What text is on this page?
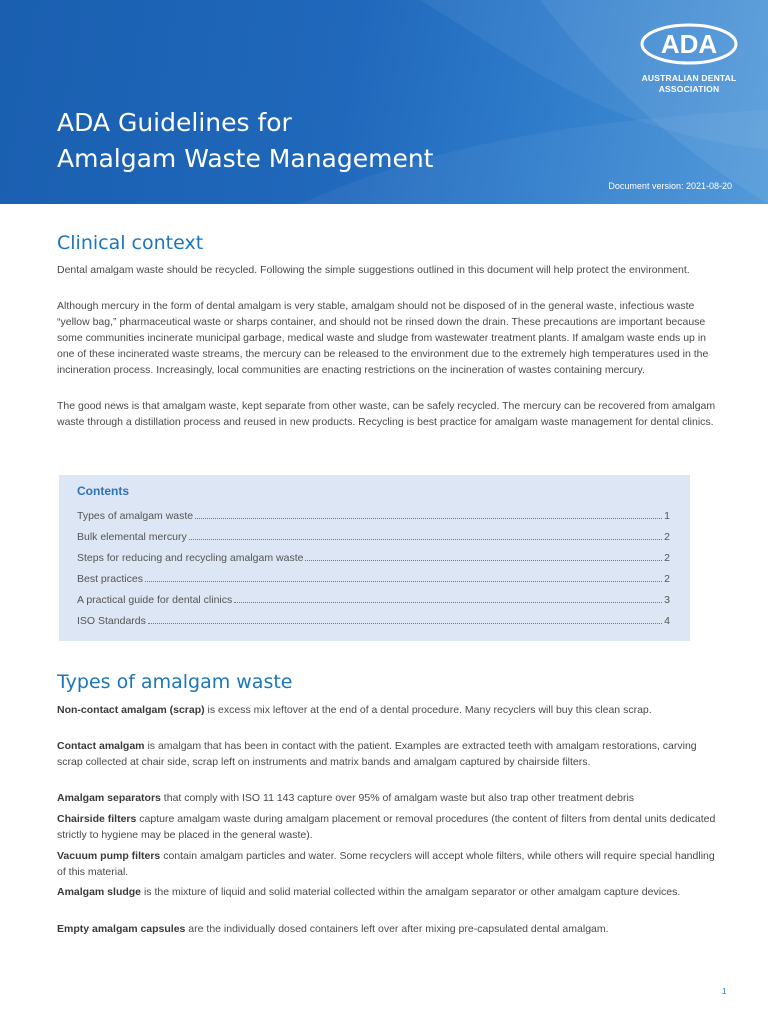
ADA
AUSTRALIAN DENTAL
ASSOCIATION
ADA Guidelines for
Amalgam Waste Management
Document version: 2021-08-20
Clinical context

Dental amalgam waste should be recycled. Following the simple suggestions outlined in this document will help protect the environment.

Although mercury in the form of dental amalgam is very stable, amalgam should not be disposed of in the general waste, infectious waste “yellow bag,” pharmaceutical waste or sharps container, and should not be rinsed down the drain. These precautions are important because some communities incinerate municipal garbage, medical waste and sludge from wastewater treatment plants. If amalgam waste ends up in one of these incinerated waste streams, the mercury can be released to the environment due to the extremely high temperatures used in the incineration process. Increasingly, local communities are enacting restrictions on the incineration of wastes containing mercury.

The good news is that amalgam waste, kept separate from other waste, can be safely recycled. The mercury can be recovered from amalgam waste through a distillation process and reused in new products. Recycling is best practice for amalgam waste management for dental clinics.

Contents
Types of amalgam waste	1
Bulk elemental mercury	2
Steps for reducing and recycling amalgam waste	2
Best practices	2
A practical guide for dental clinics	3
ISO Standards	4
Types of amalgam waste

Non-contact amalgam (scrap) is excess mix leftover at the end of a dental procedure. Many recyclers will buy this clean scrap.

Contact amalgam is amalgam that has been in contact with the patient. Examples are extracted teeth with amalgam restorations, carving scrap collected at chair side, scrap left on instruments and matrix bands and amalgam captured by chairside filters.

Amalgam separators that comply with ISO 11 143 capture over 95% of amalgam waste but also trap other treatment debris

Chairside filters capture amalgam waste during amalgam placement or removal procedures (the content of filters from dental units dedicated strictly to hygiene may be placed in the general waste).

Vacuum pump filters contain amalgam particles and water. Some recyclers will accept whole filters, while others will require special handling of this material.

Amalgam sludge is the mixture of liquid and solid material collected within the amalgam separator or other amalgam capture devices.

Empty amalgam capsules are the individually dosed containers left over after mixing pre-capsulated dental amalgam.

1
